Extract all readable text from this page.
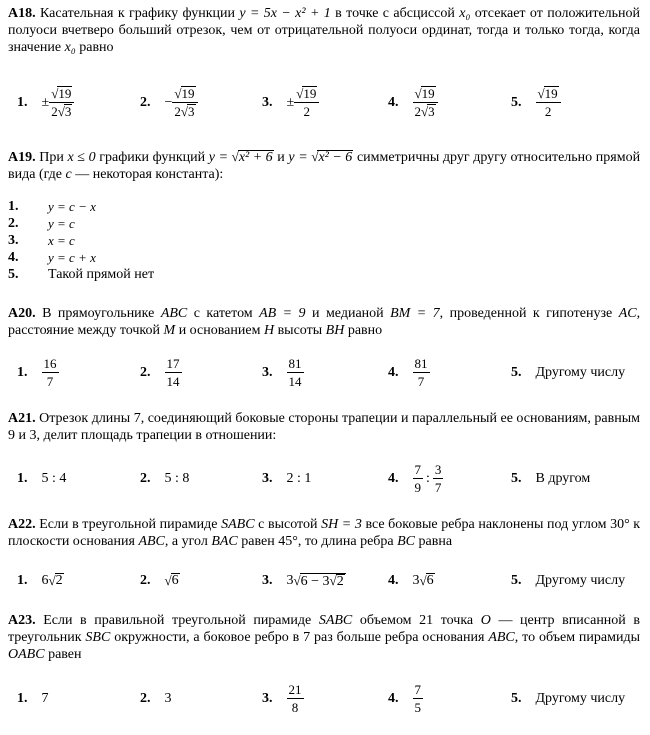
A18. Касательная к графику функции y = 5x − x² + 1 в точке с абсциссой x₀ отсекает от положительной полуоси вчетверо больший отрезок, чем от отрицательной полуоси ординат, тогда и только тогда, когда значение x₀ равно
1. ± $\frac{√19}{2√3}$	2. − $\frac{√19}{2√3}$	3. ± $\frac{√19}{2}$	4. $\frac{√19}{2√3}$	5. $\frac{√19}{2}$
A19. При x ≤ 0 графики функций y = √x² + 6 и y = √x² − 6 симметричны друг другу относительно прямой вида (где c — некоторая константа):
1.	y = c − x
2.	y = c
3.	x = c
4.	y = c + x
5.	Такой прямой нет
A20. В прямоугольнике ABC с катетом AB = 9 и медианой BM = 7, проведенной к гипотенузе AC, расстояние между точкой M и основанием H высоты BH равно
1. $\frac{16}{7}$	2. $\frac{17}{14}$	3. $\frac{81}{14}$	4. $\frac{81}{7}$	5. Другому числу
A21. Отрезок длины 7, соединяющий боковые стороны трапеции и параллельный ее основаниям, равным 9 и 3, делит площадь трапеции в отношении:
1. 5 : 4	2. 5 : 8	3. 2 : 1	4. $\frac{7}{9}$ : $\frac{3}{7}$	5. В другом
A22. Если в треугольной пирамиде SABC с высотой SH = 3 все боковые ребра наклонены под углом 30° к плоскости основания ABC, а угол BAC равен 45°, то длина ребра BC равна
1. 6 √ 2	2. √ 6	3. 3 √ 6 − 3√2	4. 3 √ 6	5. Другому числу
A23. Если в правильной треугольной пирамиде SABC объемом 21 точка O — центр вписанной в треугольник SBC окружности, а боковое ребро в 7 раз больше ребра основания ABC, то объем пирамиды OABC равен
1. 7	2. 3	3. $\frac{21}{8}$	4. $\frac{7}{5}$	5. Другому числу
